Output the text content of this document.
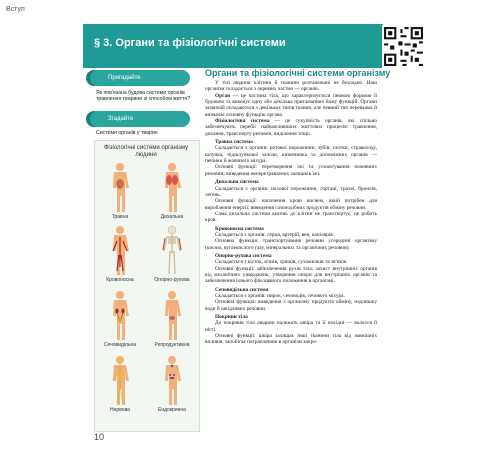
Вступ
§ 3. Органи та фізіологічні системи
Пригадайте
Як пов'язана будова системи органів травлення тварини зі способом життя?
Згадайте
Системи органів у тварин
Фізіологічні системи організму людини
Травна	Дихальна
Кровоносна	Опорно-рухова
Сечовидільна	Репродуктивна
Нервова	Ендокринна
Органи та фізіологічні системи організму

У тілі людини клітини й тканини розташовані не безладно. Наш організм складається з окремих частин — органів.

Орган — це частина тіла, що характеризується певною формою й будовою та виконує одну або декілька притаманних йому функцій. Органи зазвичай складаються з декількох типів тканин, але певний тип переважає й визначає основну функцію органа.

Фізіологічна система — це сукупність органів, які спільно забезпечують перебіг найважливіших життєвих процесів: травлення, дихання, транспорту речовин, виділення тощо.

Травна система

Складається з органів: ротової порожнини, зубів, глотки, стравоходу, шлунка, підшлункової залози, кишечника та допоміжних органів — печінки й жовчного міхура.

Основні функції: перетворення їжі та усмоктування поживних речовин; виведення неперетравлених залишків їжі.

Дихальна система

Складається з органів: носової порожнини, гортані, трахеї, бронхів, легень.

Основні функції: насичення крові киснем, який потрібен для вироблення енергії; виведення газоподібних продуктів обміну речовин.

Сама дихальна система кисень до клітин не транспортує, це робить кров.

Кровоносна система

Складається з органів: серця, артерій, вен, капілярів.

Основна функція: транспортування речовин усередині організму (кисню, вуглекислого газу, мінеральних та органічних речовин).

Опорно-рухова система

Складається з кісток, м'язів, хрящів, сухожилків та зв'язок.

Основні функції: забезпечення рухів тіла; захист внутрішніх органів від механічних ушкоджень; утворення опори для внутрішніх органів та забезпечення їхнього фіксованого положення в організмі.

Сечовидільна система

Складається з органів: нирок, сечоводів, сечового міхура.

Основна функція: виведення з організму продуктів обміну, надлишку води й шкідливих речовин.

Покриви тіла

До покривів тіла людини належать шкіра та її похідні — волосся й нігті.

Основні функції: шкіра захищає інші тканини тіла від зовнішніх впливів, запобігає потраплянню в організм мікро-

10
